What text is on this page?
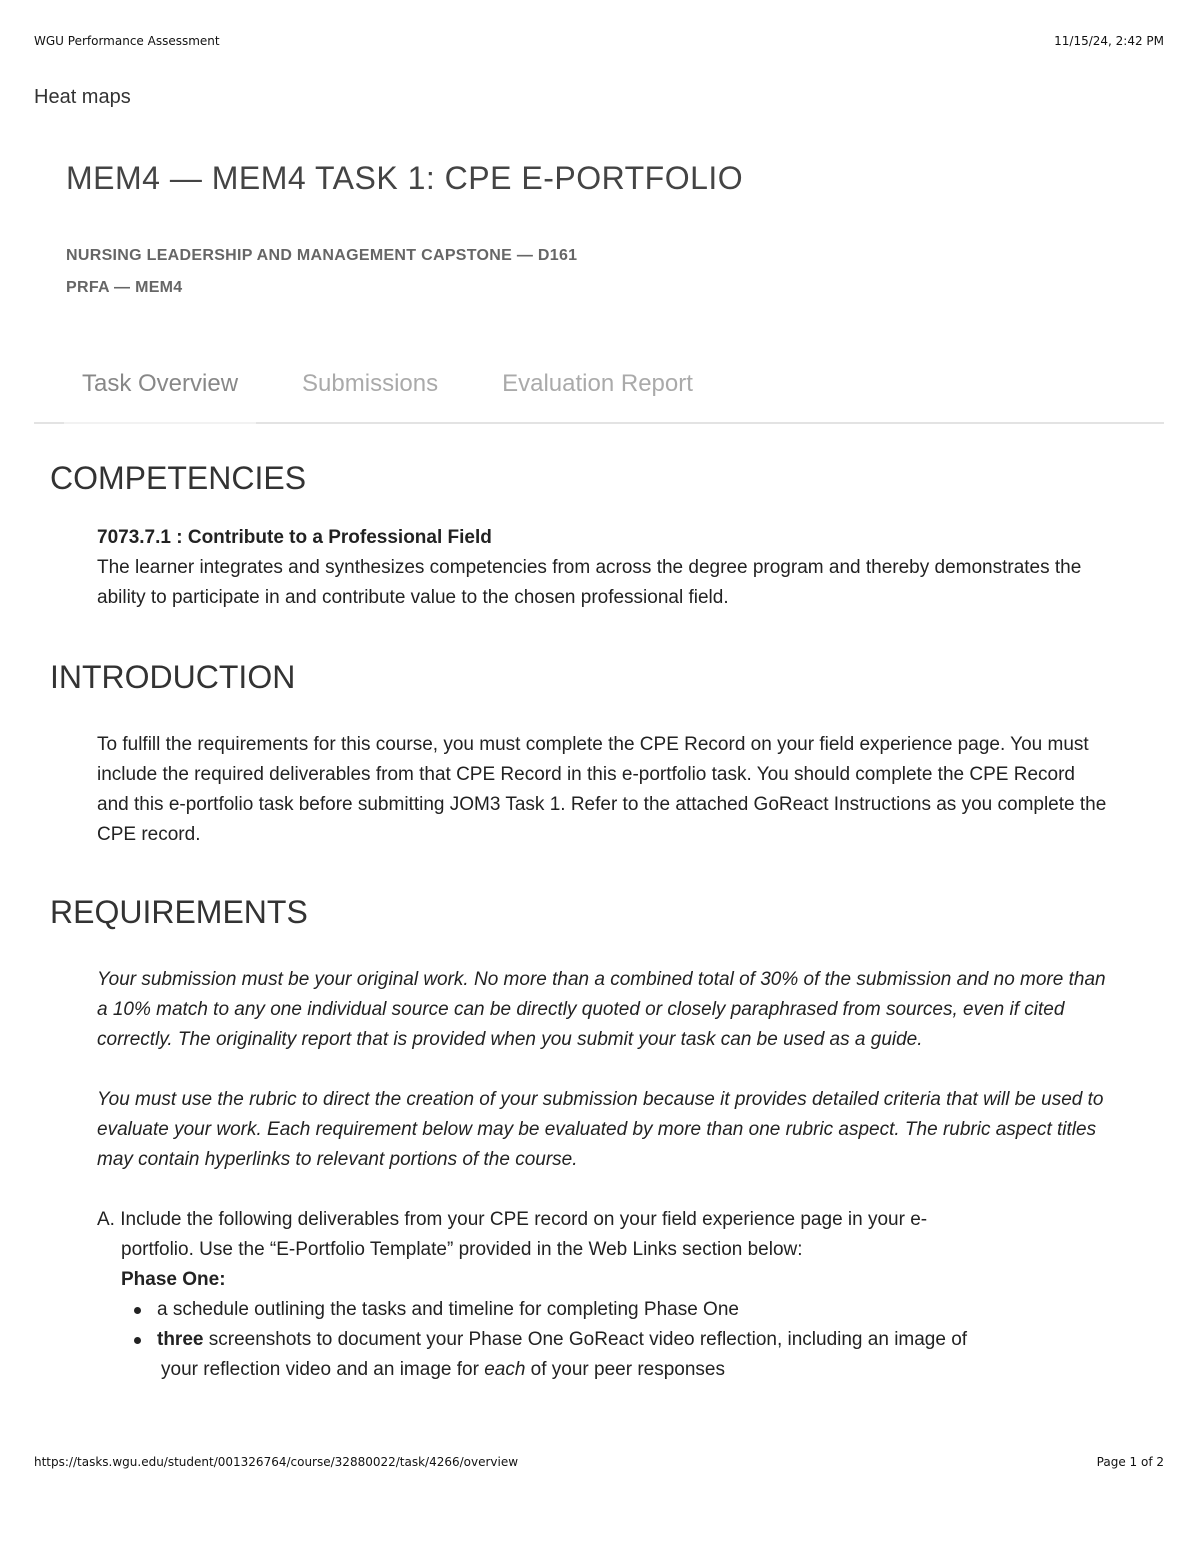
WGU Performance Assessment	11/15/24, 2:42 PM
Heat maps
MEM4 — MEM4 TASK 1: CPE E-PORTFOLIO
NURSING LEADERSHIP AND MANAGEMENT CAPSTONE — D161
PRFA — MEM4
Task Overview	Submissions	Evaluation Report
COMPETENCIES
7073.7.1 : Contribute to a Professional Field
The learner integrates and synthesizes competencies from across the degree program and thereby demonstrates the ability to participate in and contribute value to the chosen professional field.
INTRODUCTION
To fulfill the requirements for this course, you must complete the CPE Record on your field experience page. You must include the required deliverables from that CPE Record in this e-portfolio task. You should complete the CPE Record and this e-portfolio task before submitting JOM3 Task 1. Refer to the attached GoReact Instructions as you complete the CPE record.
REQUIREMENTS
Your submission must be your original work. No more than a combined total of 30% of the submission and no more than a 10% match to any one individual source can be directly quoted or closely paraphrased from sources, even if cited correctly. The originality report that is provided when you submit your task can be used as a guide.
You must use the rubric to direct the creation of your submission because it provides detailed criteria that will be used to evaluate your work. Each requirement below may be evaluated by more than one rubric aspect. The rubric aspect titles may contain hyperlinks to relevant portions of the course.
A. Include the following deliverables from your CPE record on your field experience page in your e-
portfolio. Use the “E-Portfolio Template” provided in the Web Links section below:
Phase One:
a schedule outlining the tasks and timeline for completing Phase One
three screenshots to document your Phase One GoReact video reflection, including an image of
your reflection video and an image for each of your peer responses
https://tasks.wgu.edu/student/001326764/course/32880022/task/4266/overview	Page 1 of 2
